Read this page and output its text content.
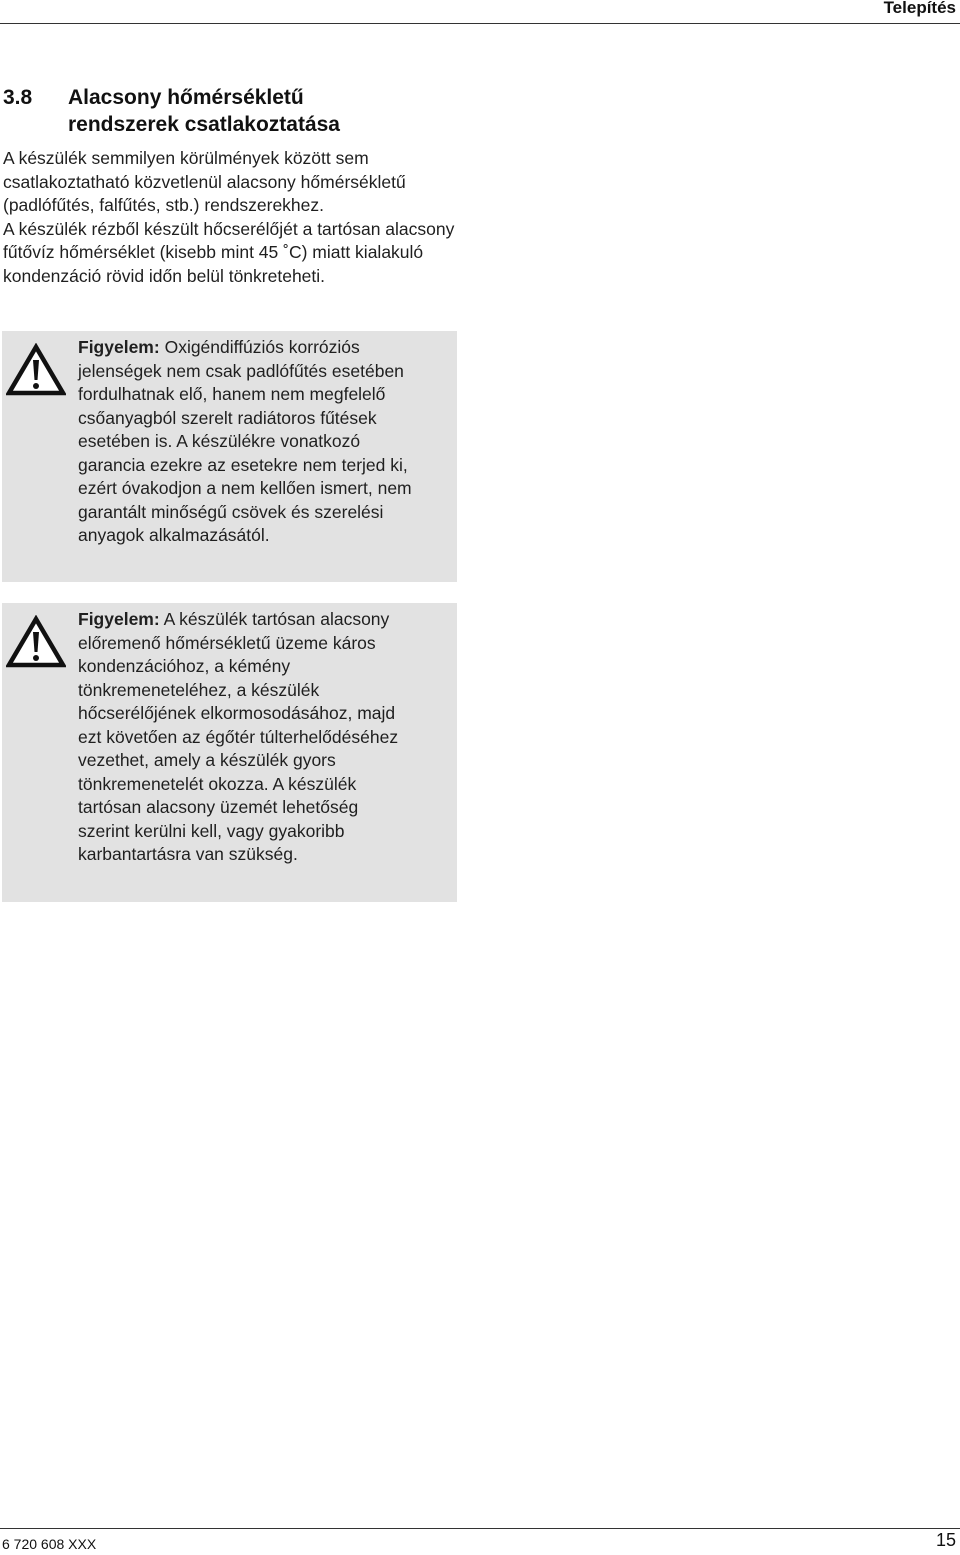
Telepítés
3.8	Alacsony hőmérsékletű
rendszerek csatlakoztatása

A készülék semmilyen körülmények között sem csatlakoztatható közvetlenül alacsony hőmérsékletű (padlófűtés, falfűtés, stb.) rendszerekhez.

A készülék rézből készült hőcserélőjét a tartósan alacsony fűtővíz hőmérséklet (kisebb mint 45 ˚C) miatt kialakuló kondenzáció rövid időn belül tönkreteheti.

Figyelem: Oxigéndiffúziós korróziós jelenségek nem csak padlófűtés esetében fordulhatnak elő, hanem nem megfelelő csőanyagból szerelt radiátoros fűtések esetében is. A készülékre vonatkozó garancia ezekre az esetekre nem terjed ki, ezért óvakodjon a nem kellően ismert, nem garantált minőségű csövek és szerelési anyagok alkalmazásától.
Figyelem: A készülék tartósan alacsony előremenő hőmérsékletű üzeme káros kondenzációhoz, a kémény tönkremeneteléhez, a készülék hőcserélőjének elkormosodásához, majd ezt követően az égőtér túlterhelődéséhez vezethet, amely a készülék gyors tönkremenetelét okozza. A készülék tartósan alacsony üzemét lehetőség szerint kerülni kell, vagy gyakoribb karbantartásra van szükség.
6 720 608 XXX	15
